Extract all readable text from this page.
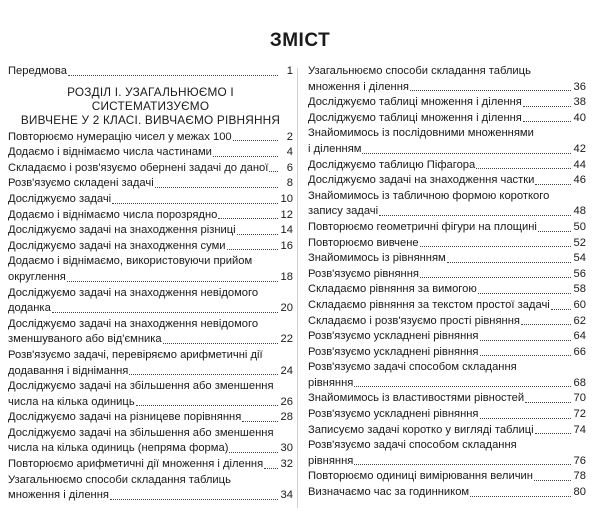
ЗМІСТ
Передмова	1
РОЗДІЛ І. УЗАГАЛЬНЮЄМО І СИСТЕМАТИЗУЄМО
ВИВЧЕНЕ У 2 КЛАСІ. ВИВЧАЄМО РІВНЯННЯ
Повторюємо нумерацію чисел у межах 100	2
Додаємо і віднімаємо числа частинами	4
Складаємо і розв'язуємо обернені задачі до даної	6
Розв'язуємо складені задачі	8
Досліджуємо задачі	10
Додаємо і віднімаємо числа порозрядно	12
Досліджуємо задачі на знаходження різниці	14
Досліджуємо задачі на знаходження суми	16
Додаємо і віднімаємо, використовуючи прийом
округлення	18
Досліджуємо задачі на знаходження невідомого
доданка	20
Досліджуємо задачі на знаходження невідомого
зменшуваного або від'ємника	22
Розв'язуємо задачі, перевіряємо арифметичні дії
додавання і віднімання	24
Досліджуємо задачі на збільшення або зменшення
числа на кілька одиниць	26
Досліджуємо задачі на різницеве порівняння	28
Досліджуємо задачі на збільшення або зменшення
числа на кілька одиниць (непряма форма)	30
Повторюємо арифметичні дії множення і ділення 32
Узагальнюємо способи складання таблиць
множення і ділення	34
Узагальнюємо способи складання таблиць
множення і ділення	36
Досліджуємо таблиці множення і ділення	38
Досліджуємо таблиці множення і ділення	40
Знайомимось із послідовними множеннями
і діленням	42
Досліджуємо таблицю Піфагора	44
Досліджуємо задачі на знаходження частки	46
Знайомимось із табличною формою короткого
запису задачі	48
Повторюємо геометричні фігури на площині	50
Повторюємо вивчене	52
Знайомимось із рівнянням	54
Розв'язуємо рівняння	56
Складаємо рівняння за вимогою	58
Складаємо рівняння за текстом простої задачі 60
Складаємо і розв'язуємо прості рівняння	62
Розв'язуємо ускладнені рівняння	64
Розв'язуємо ускладнені рівняння	66
Розв'язуємо задачі способом складання
рівняння	68
Знайомимось із властивостями рівностей	70
Розв'язуємо ускладнені рівняння	72
Записуємо задачі коротко у вигляді таблиці	74
Розв'язуємо задачі способом складання
рівняння	76
Повторюємо одиниці вимірювання величин	78
Визначаємо час за годинником	80
